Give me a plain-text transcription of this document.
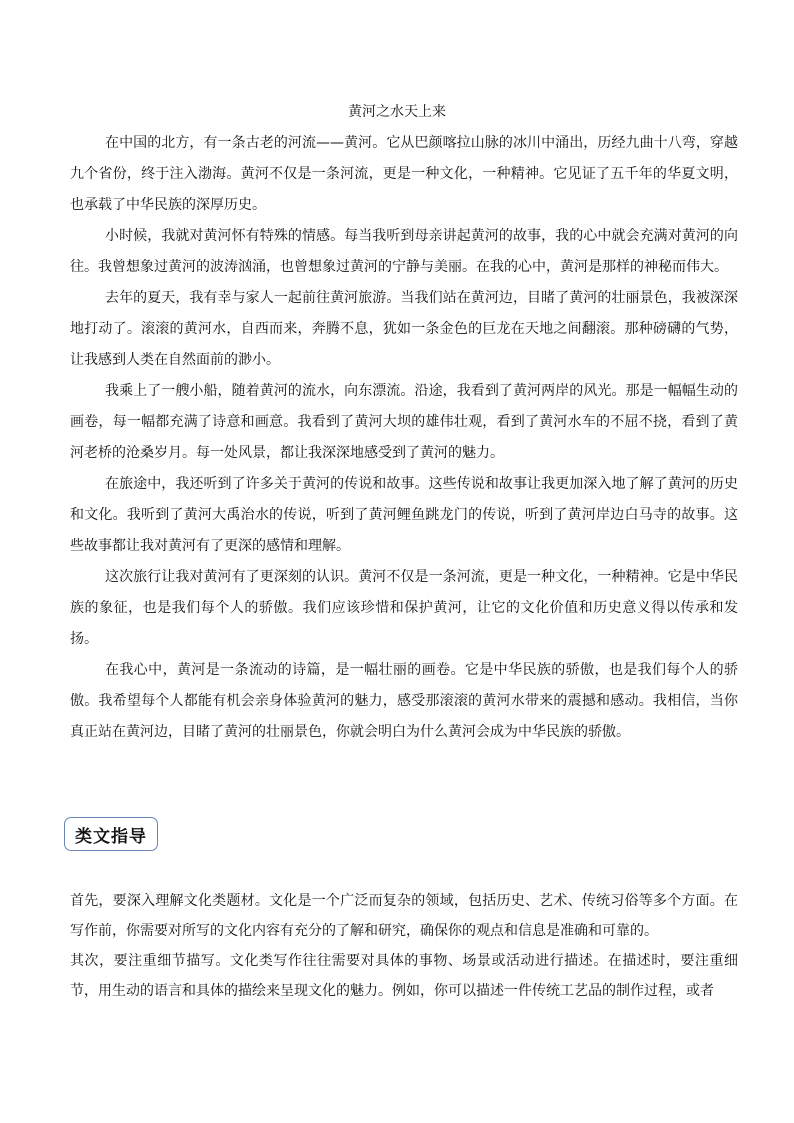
黄河之水天上来

在中国的北方，有一条古老的河流——黄河。它从巴颜喀拉山脉的冰川中涌出，历经九曲十八弯，穿越九个省份，终于注入渤海。黄河不仅是一条河流，更是一种文化，一种精神。它见证了五千年的华夏文明，也承载了中华民族的深厚历史。

小时候，我就对黄河怀有特殊的情感。每当我听到母亲讲起黄河的故事，我的心中就会充满对黄河的向往。我曾想象过黄河的波涛汹涌，也曾想象过黄河的宁静与美丽。在我的心中，黄河是那样的神秘而伟大。

去年的夏天，我有幸与家人一起前往黄河旅游。当我们站在黄河边，目睹了黄河的壮丽景色，我被深深地打动了。滚滚的黄河水，自西而来，奔腾不息，犹如一条金色的巨龙在天地之间翻滚。那种磅礴的气势，让我感到人类在自然面前的渺小。

我乘上了一艘小船，随着黄河的流水，向东漂流。沿途，我看到了黄河两岸的风光。那是一幅幅生动的画卷，每一幅都充满了诗意和画意。我看到了黄河大坝的雄伟壮观，看到了黄河水车的不屈不挠，看到了黄河老桥的沧桑岁月。每一处风景，都让我深深地感受到了黄河的魅力。

在旅途中，我还听到了许多关于黄河的传说和故事。这些传说和故事让我更加深入地了解了黄河的历史和文化。我听到了黄河大禹治水的传说，听到了黄河鲤鱼跳龙门的传说，听到了黄河岸边白马寺的故事。这些故事都让我对黄河有了更深的感情和理解。

这次旅行让我对黄河有了更深刻的认识。黄河不仅是一条河流，更是一种文化，一种精神。它是中华民族的象征，也是我们每个人的骄傲。我们应该珍惜和保护黄河，让它的文化价值和历史意义得以传承和发扬。

在我心中，黄河是一条流动的诗篇，是一幅壮丽的画卷。它是中华民族的骄傲，也是我们每个人的骄傲。我希望每个人都能有机会亲身体验黄河的魅力，感受那滚滚的黄河水带来的震撼和感动。我相信，当你真正站在黄河边，目睹了黄河的壮丽景色，你就会明白为什么黄河会成为中华民族的骄傲。

类文指导

首先，要深入理解文化类题材。文化是一个广泛而复杂的领域，包括历史、艺术、传统习俗等多个方面。在写作前，你需要对所写的文化内容有充分的了解和研究，确保你的观点和信息是准确和可靠的。

其次，要注重细节描写。文化类写作往往需要对具体的事物、场景或活动进行描述。在描述时，要注重细节，用生动的语言和具体的描绘来呈现文化的魅力。例如，你可以描述一件传统工艺品的制作过程，或者
